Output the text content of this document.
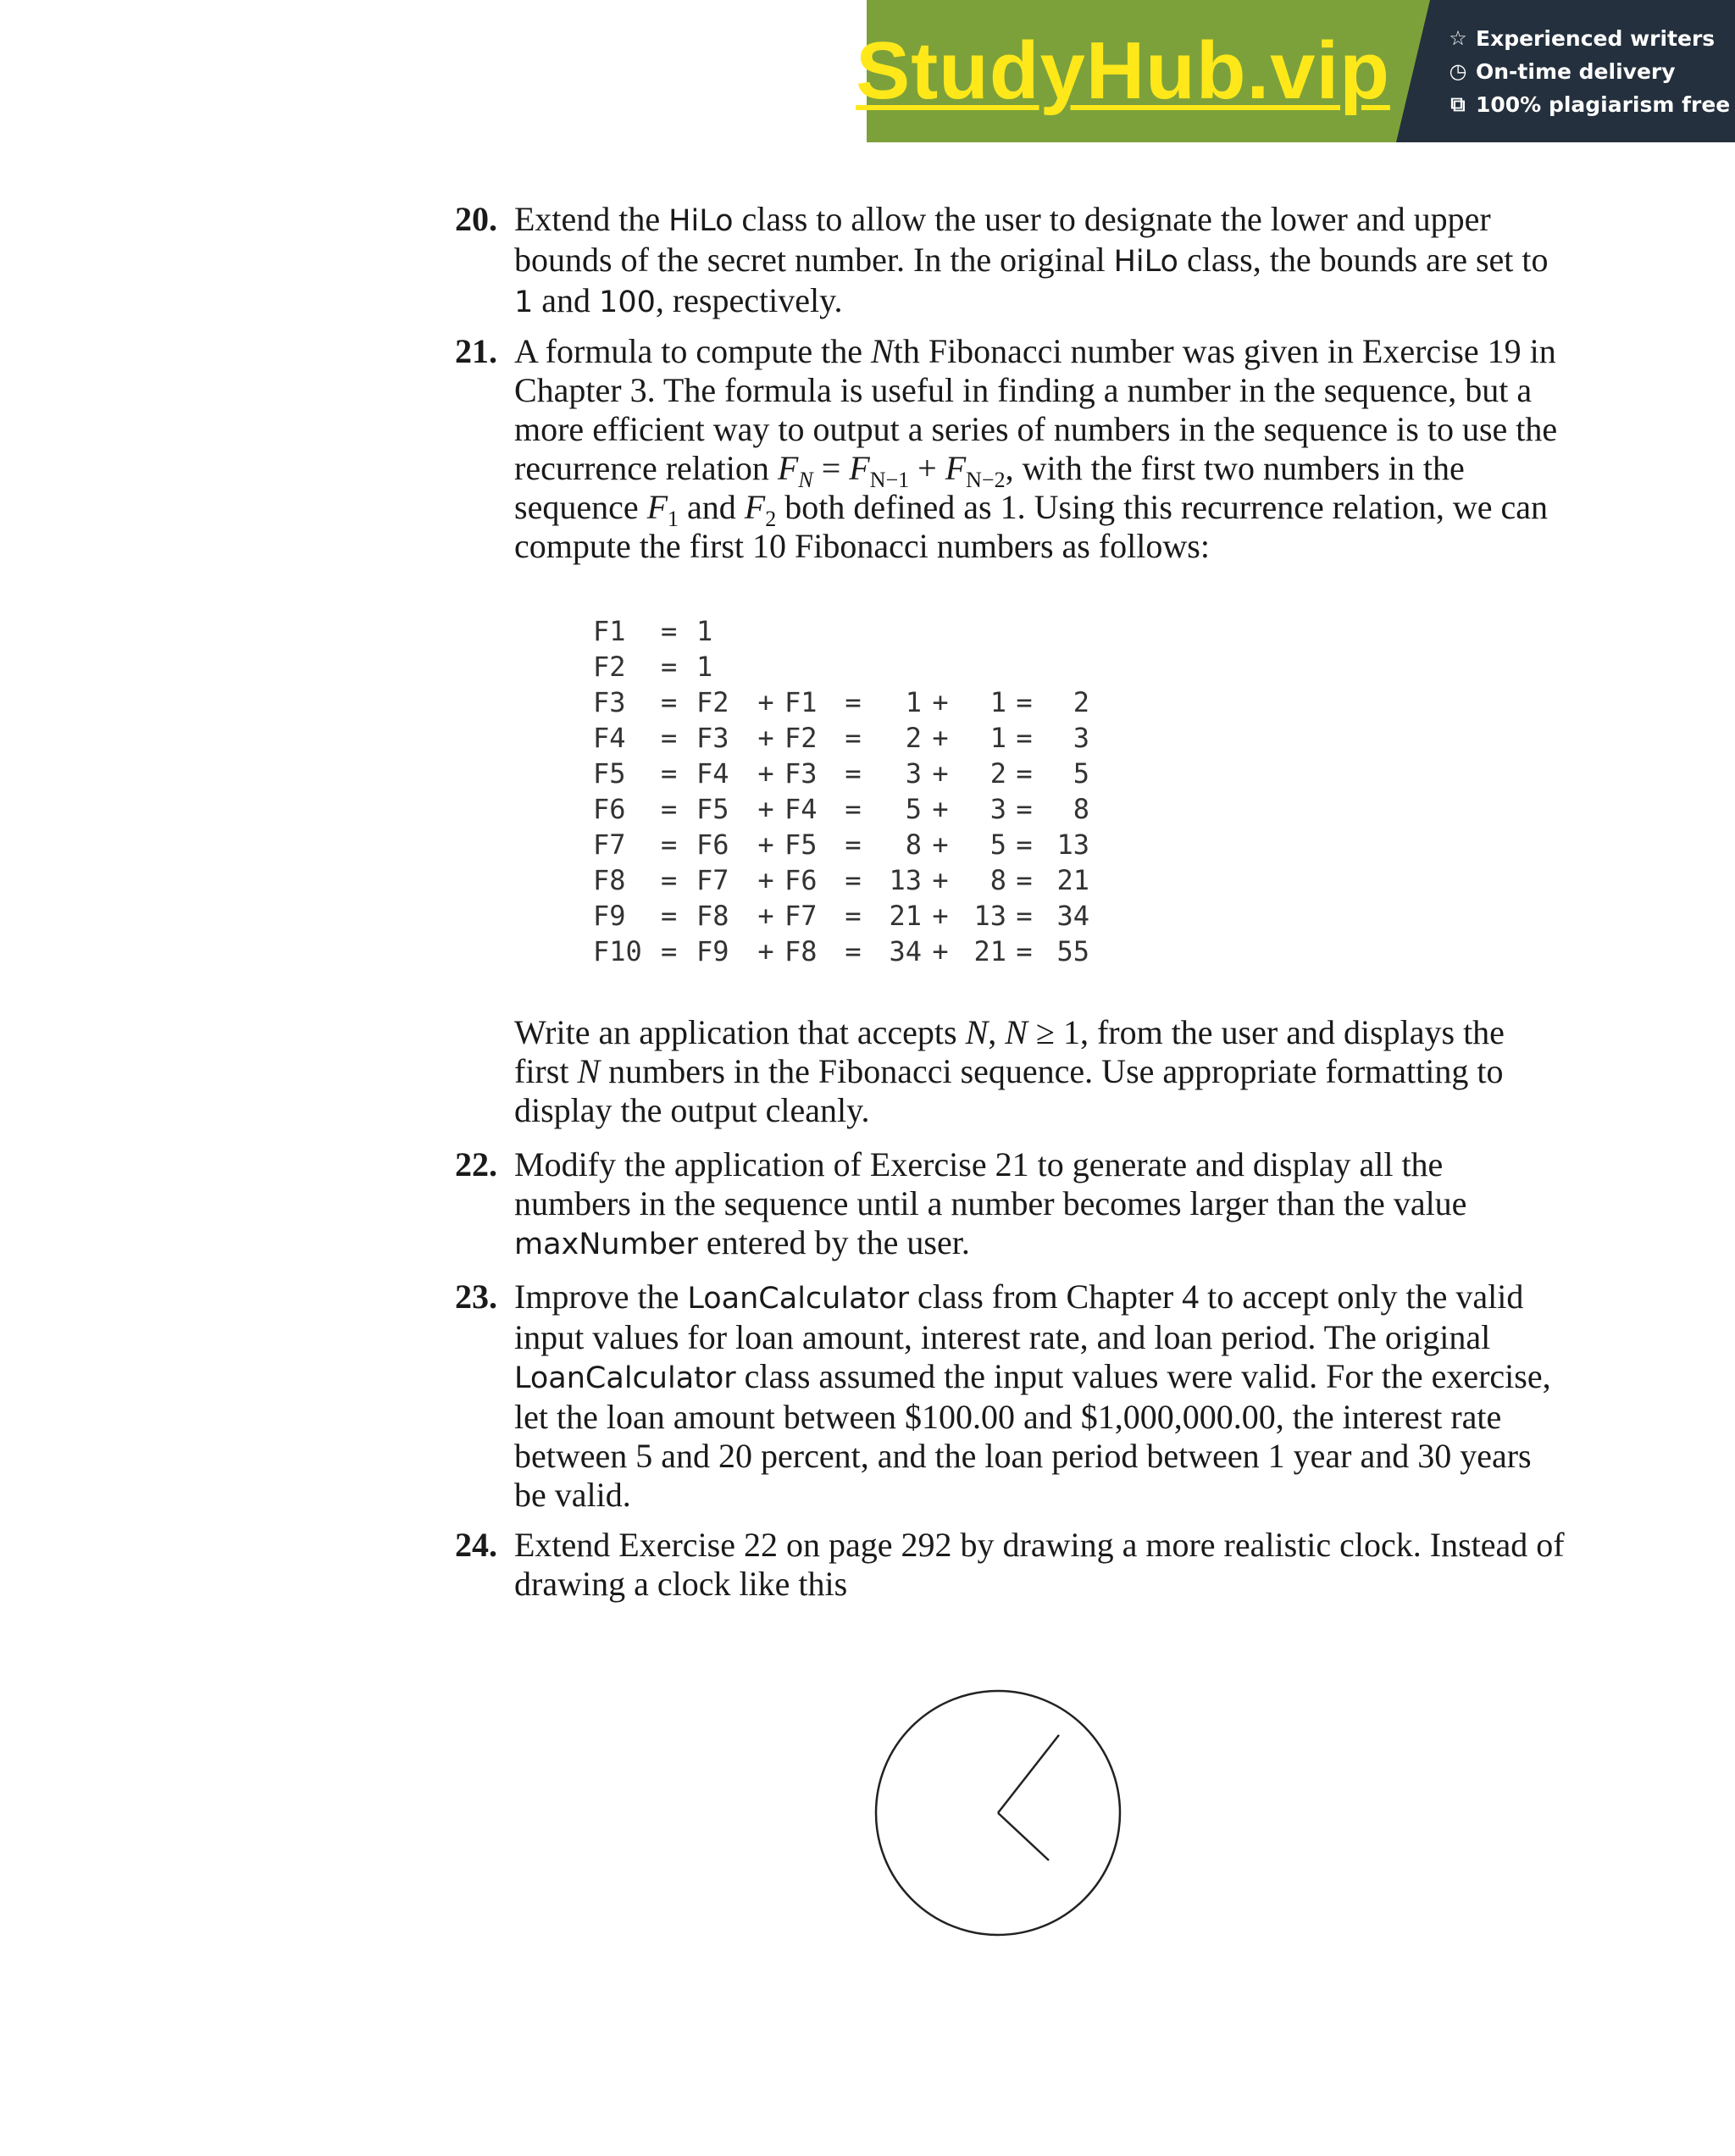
StudyHub.vip	☆ Experienced writers
◷ On-time delivery
⧉ 100% plagiarism free
20. Extend the HiLo class to allow the user to designate the lower and upper bounds of the secret number. In the original HiLo class, the bounds are set to 1 and 100, respectively.
21. A formula to compute the Nth Fibonacci number was given in Exercise 19 in Chapter 3. The formula is useful in finding a number in the sequence, but a more efficient way to output a series of numbers in the sequence is to use the recurrence relation $F_N = F_{N-1} + F_{N-2}$, with the first two numbers in the sequence $F_1$ and $F_2$ both defined as 1. Using this recurrence relation, we can compute the first 10 Fibonacci numbers as follows:
F1	= 1
F2	= 1
F3	= F2	+ F1	=	1 +	1 =	2
F4	= F3	+ F2	=	2 +	1 =	3
F5	= F4	+ F3	=	3 +	2 =	5
F6	= F5	+ F4	=	5 +	3 =	8
F7	= F6	+ F5	=	8 +	5 = 13
F8	= F7	+ F6	=	13 +	8 = 21
F9	= F8	+ F7	=	21 + 13 = 34
F10 = F9	+ F8	=	34 + 21 = 55
Write an application that accepts N, N ≥ 1, from the user and displays the first N numbers in the Fibonacci sequence. Use appropriate formatting to display the output cleanly.
22. Modify the application of Exercise 21 to generate and display all the numbers in the sequence until a number becomes larger than the value maxNumber entered by the user.
23. Improve the LoanCalculator class from Chapter 4 to accept only the valid input values for loan amount, interest rate, and loan period. The original LoanCalculator class assumed the input values were valid. For the exercise, let the loan amount between $100.00 and $1,000,000.00, the interest rate between 5 and 20 percent, and the loan period between 1 year and 30 years be valid.
24. Extend Exercise 22 on page 292 by drawing a more realistic clock. Instead of drawing a clock like this
